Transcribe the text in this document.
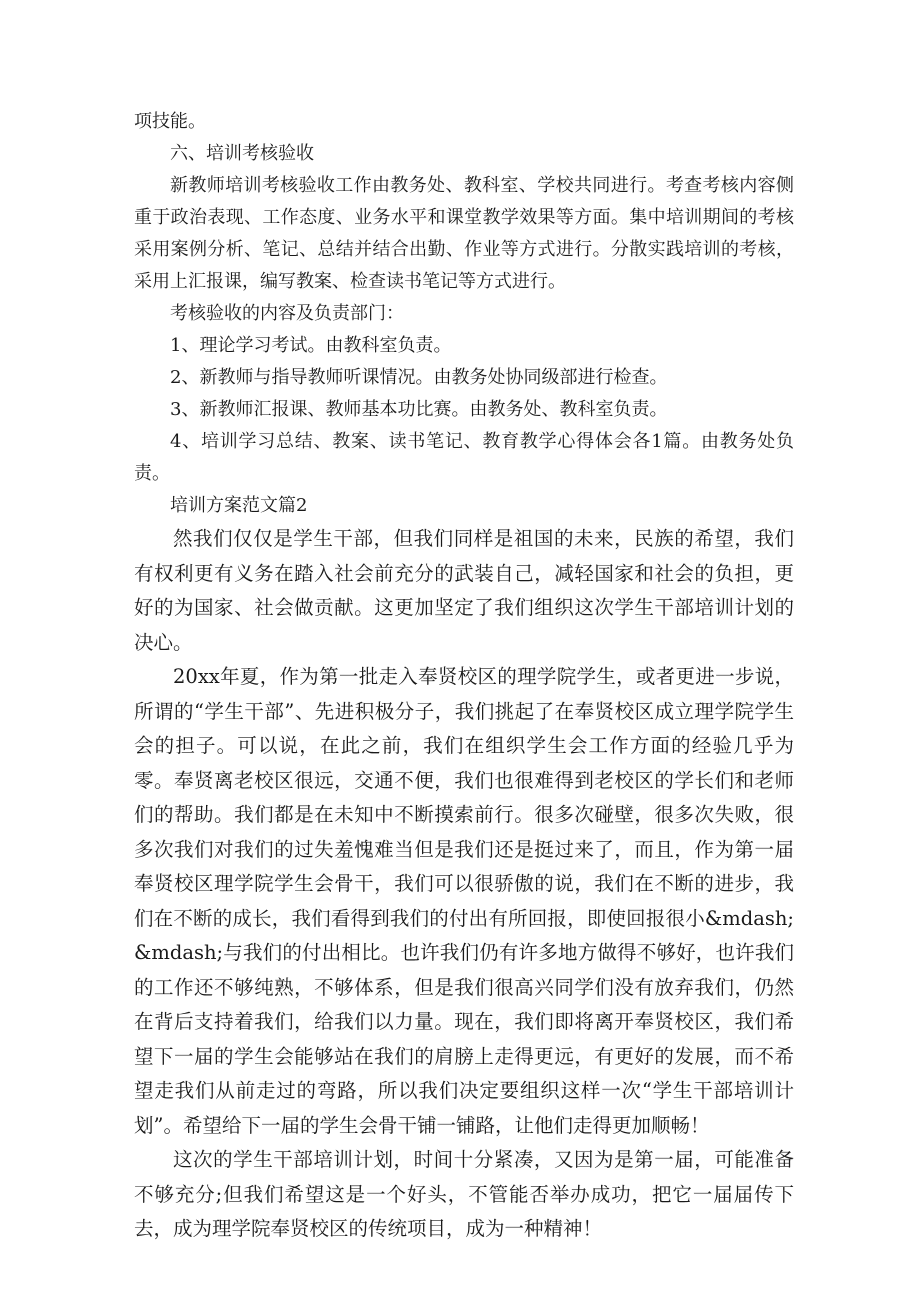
项技能。

六、培训考核验收

新教师培训考核验收工作由教务处、教科室、学校共同进行。考查考核内容侧重于政治表现、工作态度、业务水平和课堂教学效果等方面。集中培训期间的考核采用案例分析、笔记、总结并结合出勤、作业等方式进行。分散实践培训的考核，采用上汇报课，编写教案、检查读书笔记等方式进行。

考核验收的内容及负责部门：

1、理论学习考试。由教科室负责。

2、新教师与指导教师听课情况。由教务处协同级部进行检查。

3、新教师汇报课、教师基本功比赛。由教务处、教科室负责。

4、培训学习总结、教案、读书笔记、教育教学心得体会各1篇。由教务处负责。

培训方案范文篇2

然我们仅仅是学生干部，但我们同样是祖国的未来，民族的希望，我们有权利更有义务在踏入社会前充分的武装自己，减轻国家和社会的负担，更好的为国家、社会做贡献。这更加坚定了我们组织这次学生干部培训计划的决心。

20xx年夏，作为第一批走入奉贤校区的理学院学生，或者更进一步说，所谓的“学生干部”、先进积极分子，我们挑起了在奉贤校区成立理学院学生会的担子。可以说，在此之前，我们在组织学生会工作方面的经验几乎为零。奉贤离老校区很远，交通不便，我们也很难得到老校区的学长们和老师们的帮助。我们都是在未知中不断摸索前行。很多次碰壁，很多次失败，很多次我们对我们的过失羞愧难当但是我们还是挺过来了，而且，作为第一届奉贤校区理学院学生会骨干，我们可以很骄傲的说，我们在不断的进步，我们在不断的成长，我们看得到我们的付出有所回报，即使回报很小&mdash;&mdash;与我们的付出相比。也许我们仍有许多地方做得不够好，也许我们的工作还不够纯熟，不够体系，但是我们很高兴同学们没有放弃我们，仍然在背后支持着我们，给我们以力量。现在，我们即将离开奉贤校区，我们希望下一届的学生会能够站在我们的肩膀上走得更远，有更好的发展，而不希望走我们从前走过的弯路，所以我们决定要组织这样一次“学生干部培训计划”。希望给下一届的学生会骨干铺一铺路，让他们走得更加顺畅！

这次的学生干部培训计划，时间十分紧凑，又因为是第一届，可能准备不够充分;但我们希望这是一个好头，不管能否举办成功，把它一届届传下去，成为理学院奉贤校区的传统项目，成为一种精神！
